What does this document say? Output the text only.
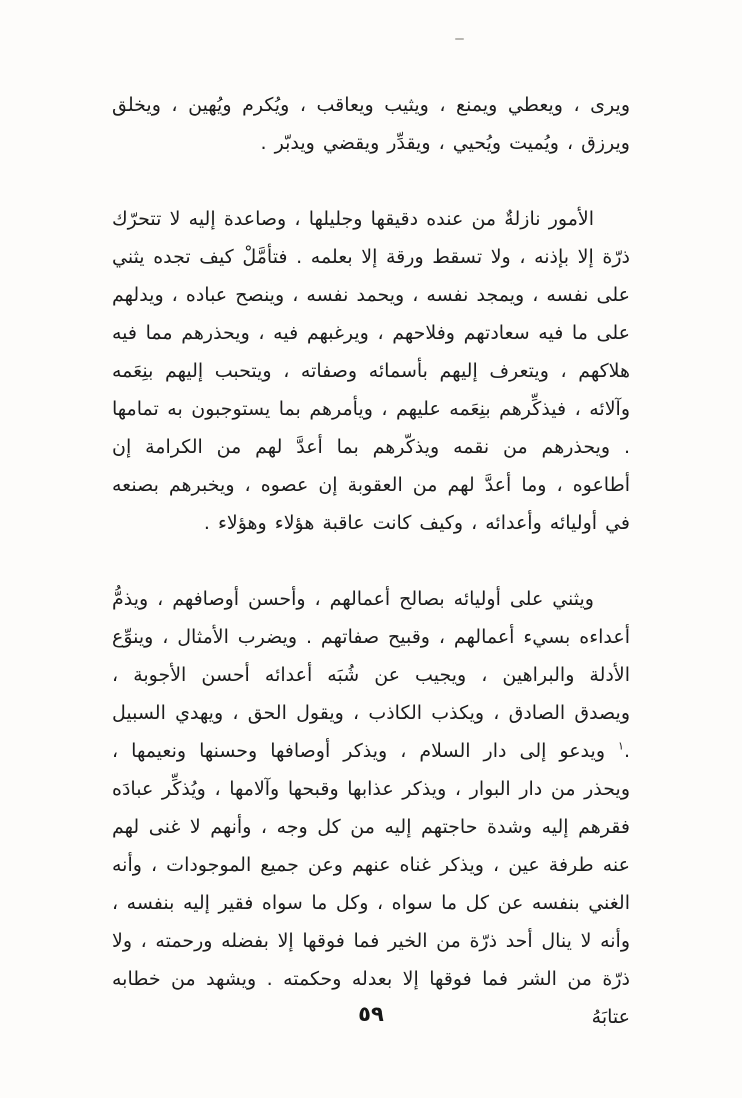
ويرى ، ويعطي ويمنع ، ويثيب ويعاقب ، ويُكرم ويُهين ، ويخلق ويرزق ، ويُميت ويُحيي ، ويقدِّر ويقضي ويدبّر .

الأمور نازلةٌ من عنده دقيقها وجليلها ، وصاعدة إليه لا تتحرّك ذرّة إلا بإذنه ، ولا تسقط ورقة إلا بعلمه . فتأمَّلْ كيف تجده يثني على نفسه ، ويمجد نفسه ، ويحمد نفسه ، وينصح عباده ، ويدلهم على ما فيه سعادتهم وفلاحهم ، ويرغبهم فيه ، ويحذرهم مما فيه هلاكهم ، ويتعرف إليهم بأسمائه وصفاته ، ويتحبب إليهم بنِعَمه وآلائه ، فيذكِّرهم بنِعَمه عليهم ، ويأمرهم بما يستوجبون به تمامها . ويحذرهم من نقمه ويذكّرهم بما أعدَّ لهم من الكرامة إن أطاعوه ، وما أعدَّ لهم من العقوبة إن عصوه ، ويخبرهم بصنعه في أوليائه وأعدائه ، وكيف كانت عاقبة هؤلاء وهؤلاء .

ويثني على أوليائه بصالح أعمالهم ، وأحسن أوصافهم ، ويذمُّ أعداءه بسيء أعمالهم ، وقبيح صفاتهم . ويضرب الأمثال ، وينوِّع الأدلة والبراهين ، ويجيب عن شُبَه أعدائه أحسن الأجوبة ، ويصدق الصادق ، ويكذب الكاذب ، ويقول الحق ، ويهدي السبيل .$^١$ ويدعو إلى دار السلام ، ويذكر أوصافها وحسنها ونعيمها ، ويحذر من دار البوار ، ويذكر عذابها وقبحها وآلامها ، ويُذكِّر عبادَه فقرهم إليه وشدة حاجتهم إليه من كل وجه ، وأنهم لا غنى لهم عنه طرفة عين ، ويذكر غناه عنهم وعن جميع الموجودات ، وأنه الغني بنفسه عن كل ما سواه ، وكل ما سواه فقير إليه بنفسه ، وأنه لا ينال أحد ذرّة من الخير فما فوقها إلا بفضله ورحمته ، ولا ذرّة من الشر فما فوقها إلا بعدله وحكمته . ويشهد من خطابه عتابَهُ

٥٩
